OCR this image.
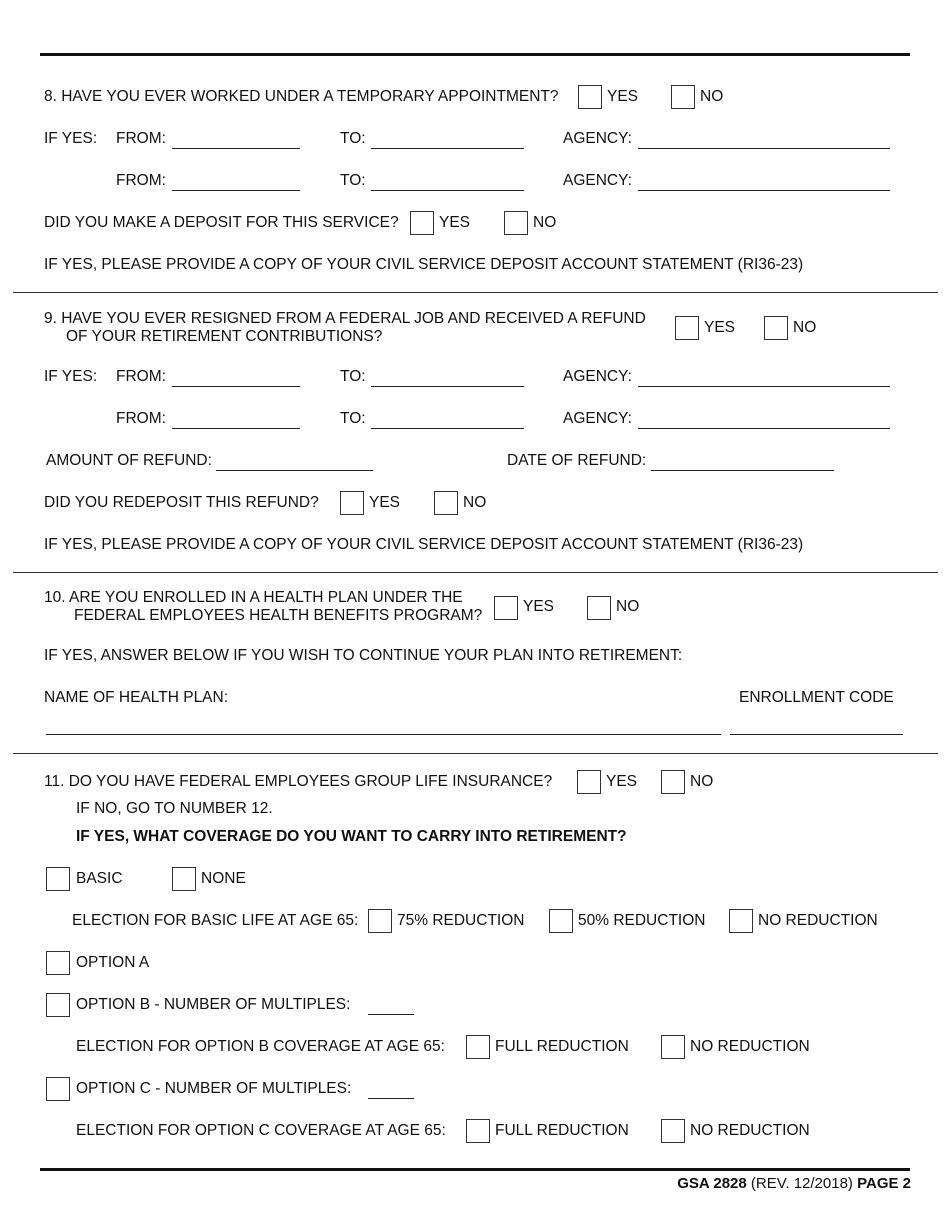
8. HAVE YOU EVER WORKED UNDER A TEMPORARY APPOINTMENT?	YES	NO
IF YES: FROM:	TO:	AGENCY:
FROM:	TO:	AGENCY:
DID YOU MAKE A DEPOSIT FOR THIS SERVICE?	YES	NO
IF YES, PLEASE PROVIDE A COPY OF YOUR CIVIL SERVICE DEPOSIT ACCOUNT STATEMENT (RI36-23)
9. HAVE YOU EVER RESIGNED FROM A FEDERAL JOB AND RECEIVED A REFUND
OF YOUR RETIREMENT CONTRIBUTIONS?
YES	NO
IF YES: FROM:	TO:	AGENCY:
FROM:	TO:	AGENCY:
AMOUNT OF REFUND:	DATE OF REFUND:
DID YOU REDEPOSIT THIS REFUND?	YES	NO
IF YES, PLEASE PROVIDE A COPY OF YOUR CIVIL SERVICE DEPOSIT ACCOUNT STATEMENT (RI36-23)
10. ARE YOU ENROLLED IN A HEALTH PLAN UNDER THE
FEDERAL EMPLOYEES HEALTH BENEFITS PROGRAM?
YES	NO
IF YES, ANSWER BELOW IF YOU WISH TO CONTINUE YOUR PLAN INTO RETIREMENT:
NAME OF HEALTH PLAN:	ENROLLMENT CODE
11. DO YOU HAVE FEDERAL EMPLOYEES GROUP LIFE INSURANCE?	YES	NO
IF NO, GO TO NUMBER 12.
IF YES, WHAT COVERAGE DO YOU WANT TO CARRY INTO RETIREMENT?
BASIC	NONE
ELECTION FOR BASIC LIFE AT AGE 65: 75% REDUCTION	50% REDUCTION	NO REDUCTION
OPTION A
OPTION B - NUMBER OF MULTIPLES:
ELECTION FOR OPTION B COVERAGE AT AGE 65:	FULL REDUCTION	NO REDUCTION
OPTION C - NUMBER OF MULTIPLES:
ELECTION FOR OPTION C COVERAGE AT AGE 65:	FULL REDUCTION	NO REDUCTION
GSA 2828 (REV. 12/2018) PAGE 2
